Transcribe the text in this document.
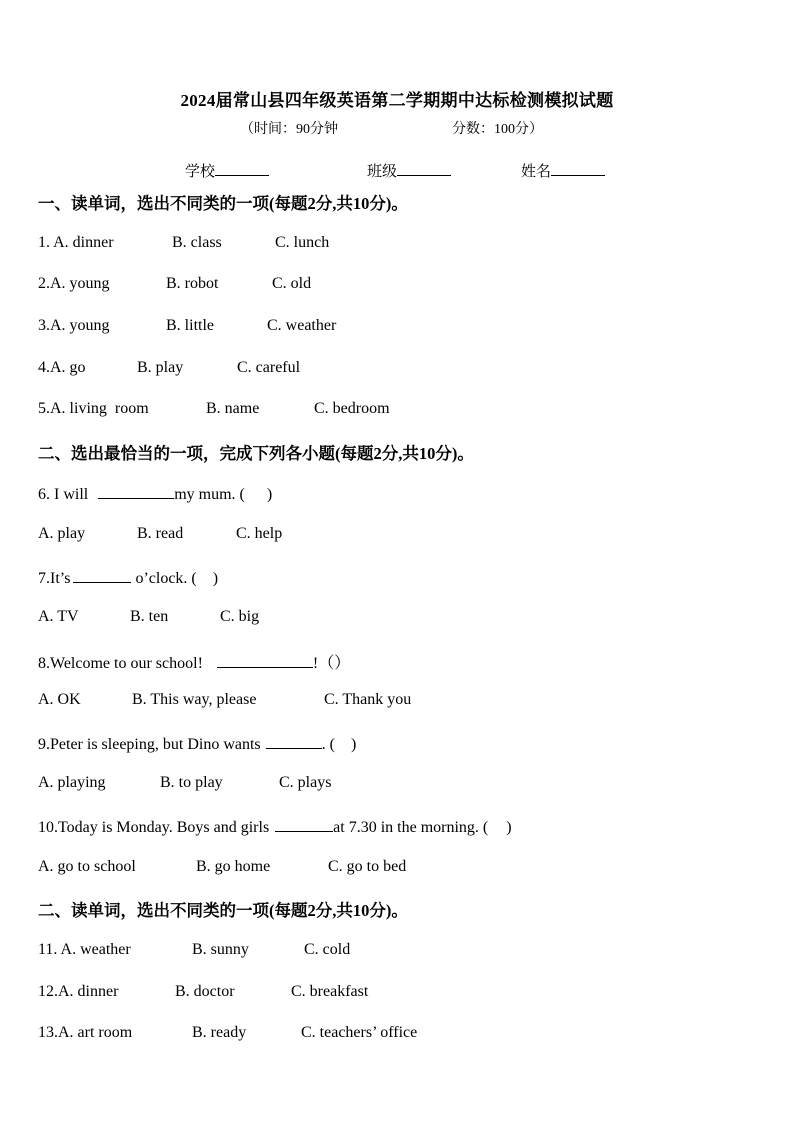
2024届常山县四年级英语第二学期期中达标检测模拟试题
（时间：90分钟	分数：100分）
学校	班级	姓名
一、读单词，选出不同类的一项(每题2分,共10分)。
1. A. dinner	B. class	C. lunch
2.A. young	B. robot	C. old
3.A. young	B. little	C. weather
4.A. go	B. play	C. careful
5.A. living  room	B. name	C. bedroom
二、选出最恰当的一项，完成下列各小题(每题2分,共10分)。
6. I will	my mum. ( )
A. play	B. read	C. help
7.It’s	o’clock. ( )
A. TV	B. ten	C. big
8.Welcome to our school!	!（）
A. OK	B. This way, please	C. Thank you
9.Peter is sleeping, but Dino wants	. ( )
A. playing	B. to play	C. plays
10.Today is Monday. Boys and girls	at 7.30 in the morning. ( )
A. go to school	B. go home	C. go to bed
二、读单词，选出不同类的一项(每题2分,共10分)。
11. A. weather	B. sunny	C. cold
12.A. dinner	B. doctor	C. breakfast
13.A. art room	B. ready	C. teachers’ office
